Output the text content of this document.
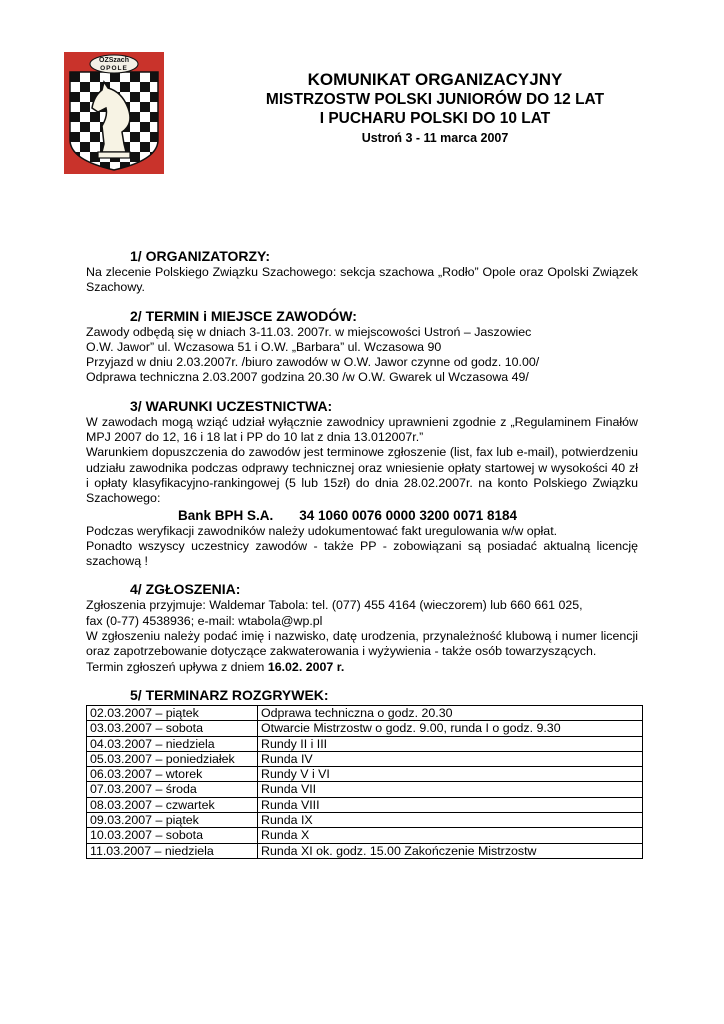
OZSzach
OPOLE
KOMUNIKAT ORGANIZACYJNY
MISTRZOSTW POLSKI JUNIORÓW DO 12 LAT
I PUCHARU POLSKI DO 10 LAT
Ustroń 3 - 11 marca 2007
1/ ORGANIZATORZY:

Na zlecenie Polskiego Związku Szachowego: sekcja szachowa „Rodło” Opole oraz Opolski Związek Szachowy.

2/ TERMIN i MIEJSCE ZAWODÓW:

Zawody odbędą się w dniach 3-11.03. 2007r. w miejscowości Ustroń – Jaszowiec

O.W. Jawor” ul. Wczasowa 51 i O.W. „Barbara” ul. Wczasowa 90

Przyjazd w dniu 2.03.2007r. /biuro zawodów w O.W. Jawor czynne od godz. 10.00/

Odprawa techniczna 2.03.2007 godzina 20.30 /w O.W. Gwarek ul Wczasowa 49/

3/ WARUNKI UCZESTNICTWA:

W zawodach mogą wziąć udział wyłącznie zawodnicy uprawnieni zgodnie z „Regulaminem Finałów MPJ 2007 do 12, 16 i 18 lat i PP do 10 lat z dnia 13.012007r.”

Warunkiem dopuszczenia do zawodów jest terminowe zgłoszenie (list, fax lub e-mail), potwierdzeniu udziału zawodnika podczas odprawy technicznej oraz wniesienie opłaty startowej w wysokości 40 zł i opłaty klasyfikacyjno-rankingowej (5 lub 15zł) do dnia 28.02.2007r. na konto Polskiego Związku Szachowego:

Bank BPH S.A. 34 1060 0076 0000 3200 0071 8184

Podczas weryfikacji zawodników należy udokumentować fakt uregulowania w/w opłat.

Ponadto wszyscy uczestnicy zawodów - także PP - zobowiązani są posiadać aktualną licencję szachową !

4/ ZGŁOSZENIA:

Zgłoszenia przyjmuje: Waldemar Tabola: tel. (077) 455 4164 (wieczorem) lub 660 661 025,

fax (0-77) 4538936; e-mail: wtabola@wp.pl

W zgłoszeniu należy podać imię i nazwisko, datę urodzenia, przynależność klubową i numer licencji oraz zapotrzebowanie dotyczące zakwaterowania i wyżywienia - także osób towarzyszących.

Termin zgłoszeń upływa z dniem 16.02. 2007 r.

5/ TERMINARZ ROZGRYWEK:
02.03.2007 – piątek	Odprawa techniczna o godz. 20.30
03.03.2007 – sobota	Otwarcie Mistrzostw o godz. 9.00, runda I o godz. 9.30
04.03.2007 – niedziela	Rundy II i III
05.03.2007 – poniedziałek	Runda IV
06.03.2007 – wtorek	Rundy V i VI
07.03.2007 – środa	Runda VII
08.03.2007 – czwartek	Runda VIII
09.03.2007 – piątek	Runda IX
10.03.2007 – sobota	Runda X
11.03.2007 – niedziela	Runda XI ok. godz. 15.00 Zakończenie Mistrzostw
